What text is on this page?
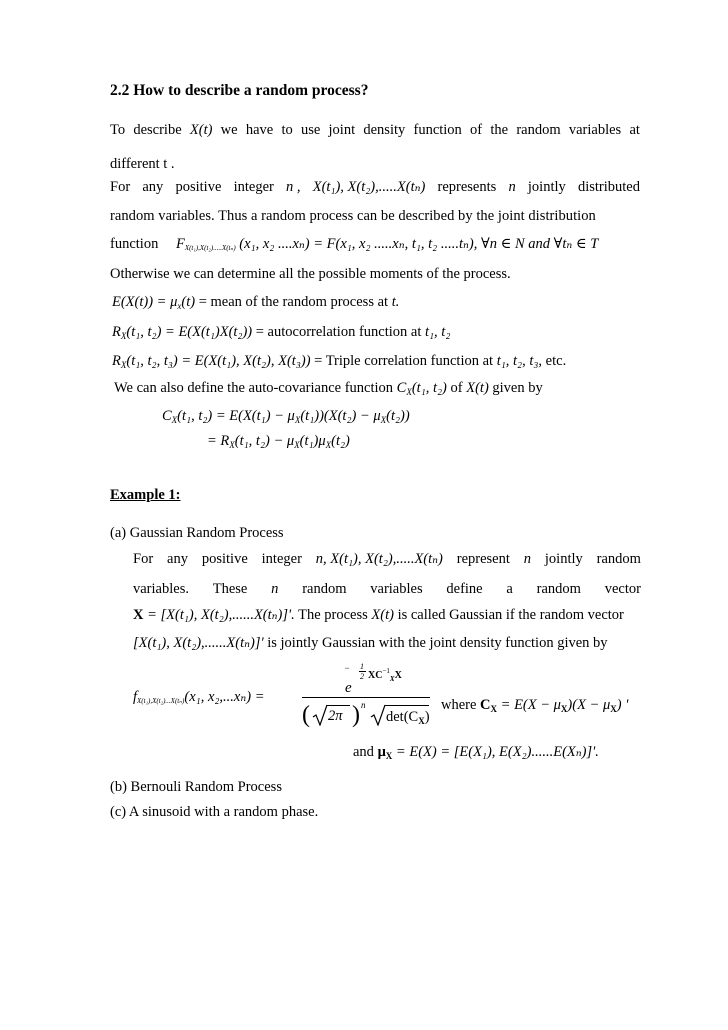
2.2 How to describe a random process?
To describe X(t) we have to use joint density function of the random variables at
different t .
For any positive integer n , X(t₁), X(t₂),.....X(tₙ) represents n jointly distributed
random variables. Thus a random process can be described by the joint distribution
function FX(t₁),X(t₂).....X(tₙ) (x₁, x₂ ....xₙ) = F(x₁, x₂ .....xₙ, t₁, t₂ .....tₙ), ∀n ∈ N and ∀tₙ ∈ T
Otherwise we can determine all the possible moments of the process.
$E(X(t)) = \mu_x(t)$ = mean of the random process at t.
$R_X(t_1$, t₂) = E(X(t₁)X(t₂)) = autocorrelation function at t₁, t₂
$R_X(t_1$, t₂, t₃) = E(X(t₁), X(t₂), X(t₃)) = Triple correlation function at t₁, t₂, t₃, etc.
We can also define the auto-covariance function $C_X(t_1$, t₂) of X(t) given by
$C_X(t_1$, $t_2) = E(X(t_1) - \mu_X(t_1))(X(t_2) - \mu_X(t_2))$
= $R_X(t_1$, $t_2) - \mu_X(t_1)\mu_X(t_2)$
Example 1:
(a) Gaussian Random Process
For any positive integer n, X(t₁), X(t₂),.....X(tₙ) represent n jointly random
variables. These n random variables define a random vector
X = [X(t₁), X(t₂),......X(tₙ)]'. The process X(t) is called Gaussian if the random vector
[X(t₁), X(t₂),......X(tₙ)]' is jointly Gaussian with the joint density function given by
fX(t₁),X(t₂)...X(tₙ)(x₁, x₂,...xₙ) =
− 1
2 $XC^{-1}_XX$
e
( 2π ) n
$\det(C_X)$
where $C_X = E(X - \mu_X)(X - \mu_X)$ '
and $\mu_X = E(X) = [E(X_1)$, E(X₂)......E(Xₙ)]'.
(b) Bernouli Random Process
(c) A sinusoid with a random phase.
